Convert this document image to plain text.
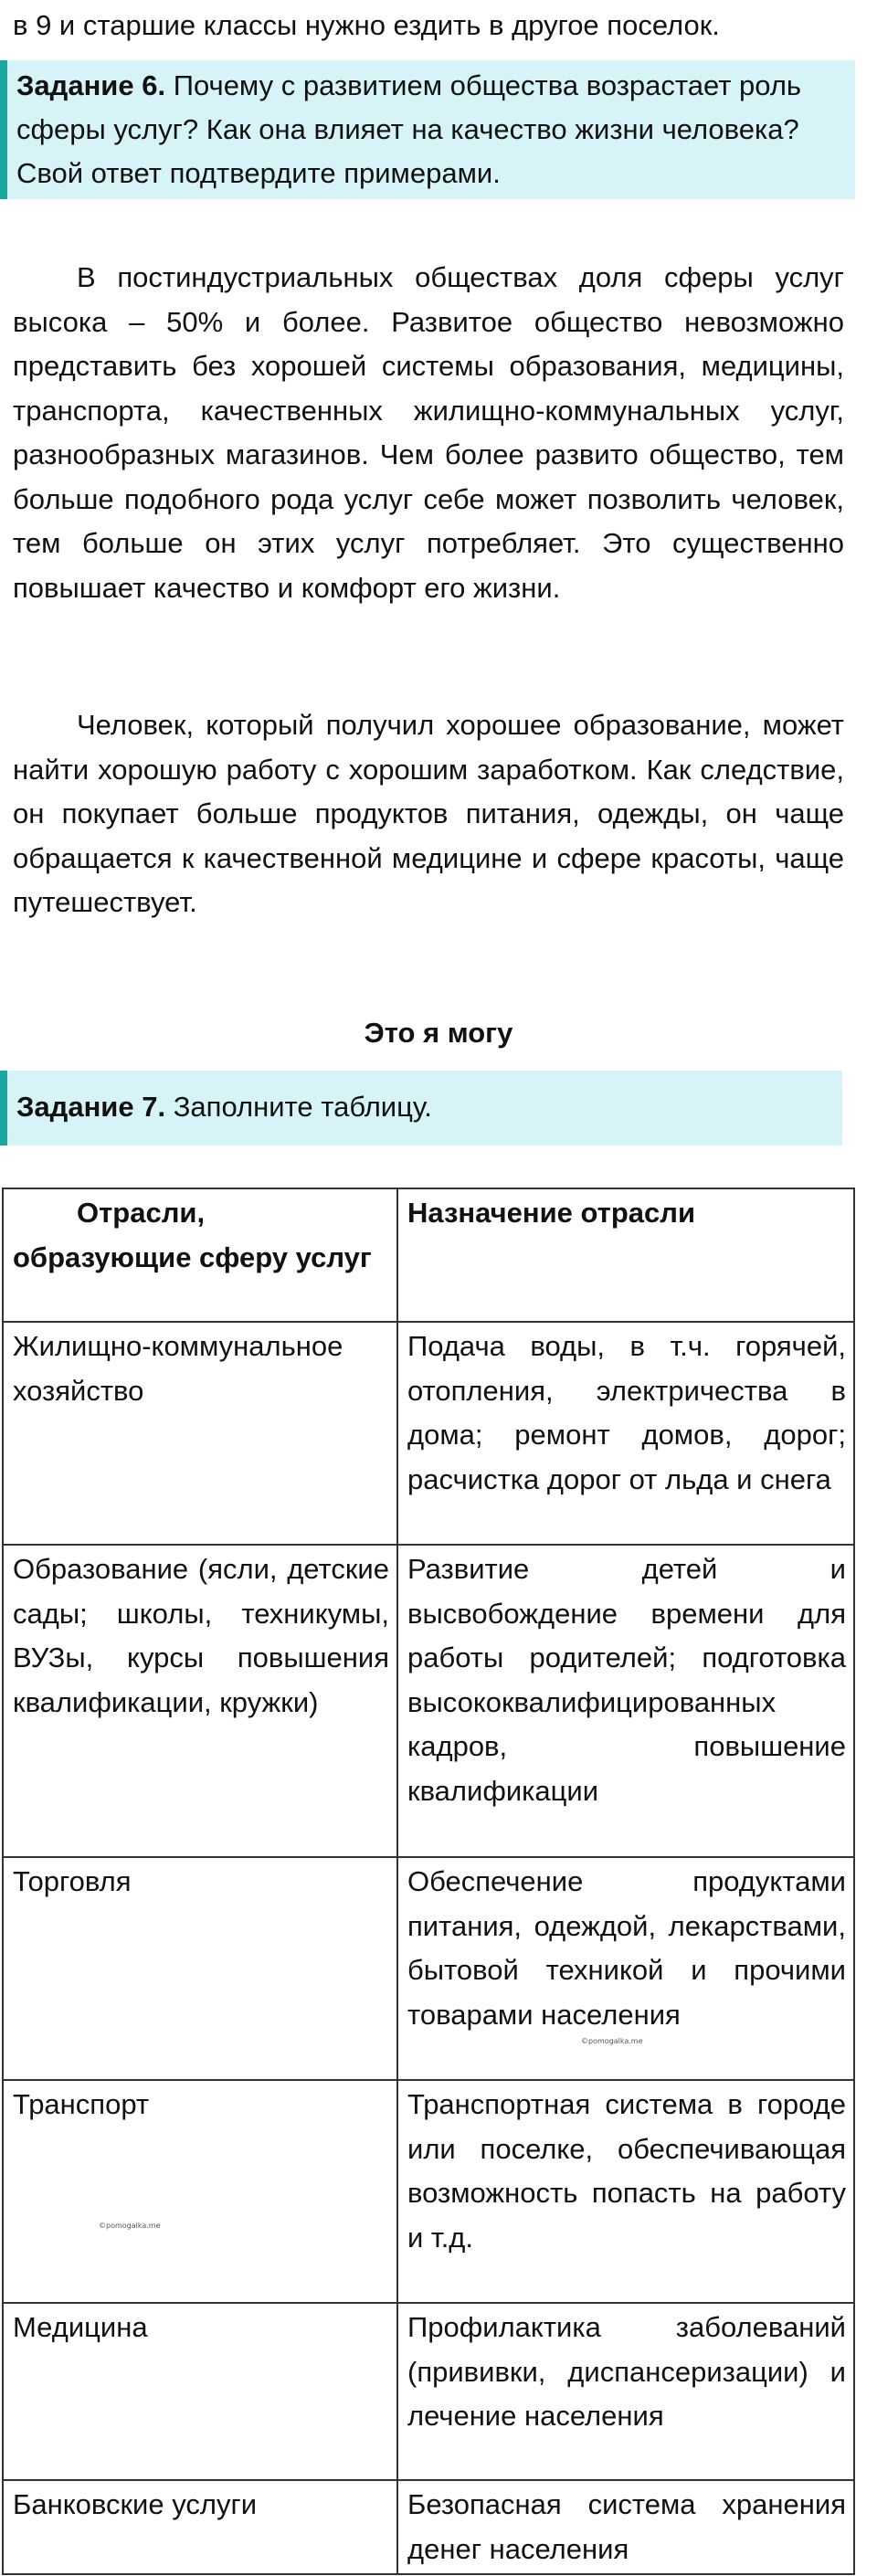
в 9 и старшие классы нужно ездить в другое поселок.
Задание 6. Почему с развитием общества возрастает роль сферы услуг? Как она влияет на качество жизни человека? Свой ответ подтвердите примерами.

В постиндустриальных обществах доля сферы услуг высока – 50% и более. Развитое общество невозможно представить без хорошей системы образования, медицины, транспорта, качественных жилищно-коммунальных услуг, разнообразных магазинов. Чем более развито общество, тем больше подобного рода услуг себе может позволить человек, тем больше он этих услуг потребляет. Это существенно повышает качество и комфорт его жизни.

Человек, который получил хорошее образование, может найти хорошую работу с хорошим заработком. Как следствие, он покупает больше продуктов питания, одежды, он чаще обращается к качественной медицине и сфере красоты, чаще путешествует.

Это я могу
Задание 7. Заполните таблицу.
Отрасли, образующие сферу услуг	Назначение отрасли
Жилищно-коммунальное хозяйство	Подача воды, в т.ч. горячей, отопления, электричества в дома; ремонт домов, дорог; расчистка дорог от льда и снега
Образование (ясли, детские сады; школы, техникумы, ВУЗы, курсы повышения квалификации, кружки)	Развитие детей и высвобождение времени для работы родителей; подготовка высококвалифицированных кадров, повышение квалификации
Торговля	Обеспечение продуктами питания, одеждой, лекарствами, бытовой техникой и прочими товарами населения
Транспорт	Транспортная система в городе или поселке, обеспечивающая возможность попасть на работу и т.д.
Медицина	Профилактика заболеваний (прививки, диспансеризации) и лечение населения
Банковские услуги	Безопасная система хранения денег населения
©pomogalka.me
©pomogalka.me
